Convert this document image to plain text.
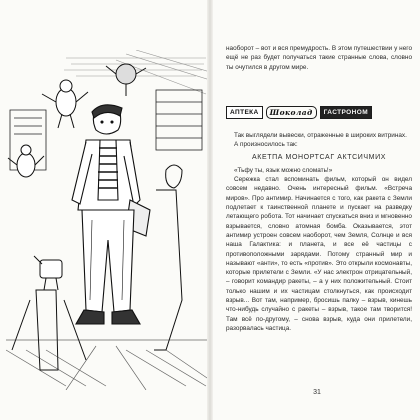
наоборот – вот и вся премудрость. В этом путешествии у него ещё не раз будет получаться такие странные слова, словно ты очутился в другом мире.

АПТЕКА	Шоколад	ГАСТРОНОМ

Так выглядели вывески, отраженные в широких витринах.

А произносилось так:

АКЕТПА МОНОРТСАГ АКТСИЧМИХ

«Тьфу ты, язык можно сломать!»

Сережка стал вспоминать фильм, который он видел совсем недавно. Очень интересный фильм. «Встреча миров». Про антимир. Начинается с того, как ракета с Земли подлетает к таинственной планете и пускает на разведку летающего робота. Тот начинает спускаться вниз и мгновенно взрывается, словно атомная бомба. Оказывается, этот антимир устроен совсем наоборот, чем Земля, Солнце и вся наша Галактика: и планета, и все её частицы с противоположными зарядами. Потому странный мир и называют «анти», то есть «против». Это открыли космонавты, которые прилетели с Земли. «У нас электрон отрицательный, – говорит командир ракеты, – а у них положительный. Стоит только нашим и их частицам столкнуться, как происходит взрыв... Вот там, например, бросишь палку – взрыв, кинешь что-нибудь случайно с ракеты – взрыв, такое там творится! Там всё по-другому, – снова взрыв, куда они прилетели, разорвалась частица.

31
